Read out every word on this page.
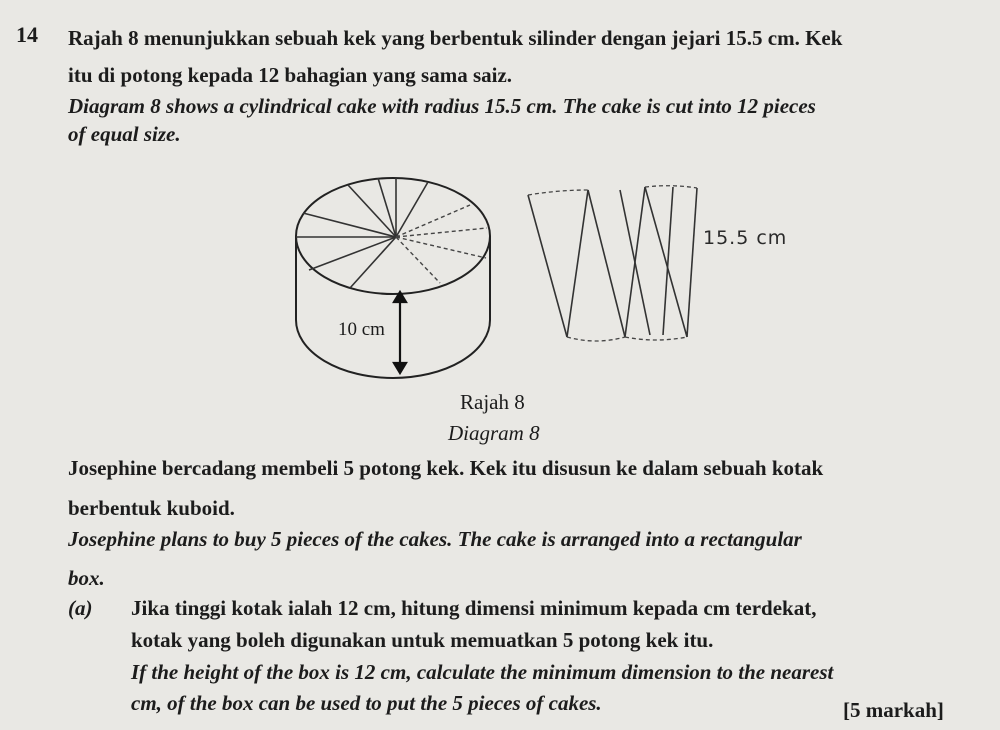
14 Rajah 8 menunjukkan sebuah kek yang berbentuk silinder dengan jejari 15.5 cm. Kek
itu di potong kepada 12 bahagian yang sama saiz.
Diagram 8 shows a cylindrical cake with radius 15.5 cm. The cake is cut into 12 pieces
of equal size.
10 cm
15.5 cm
Rajah 8
Diagram 8
Josephine bercadang membeli 5 potong kek. Kek itu disusun ke dalam sebuah kotak
berbentuk kuboid.
Josephine plans to buy 5 pieces of the cakes. The cake is arranged into a rectangular
box.
(a) Jika tinggi kotak ialah 12 cm, hitung dimensi minimum kepada cm terdekat,
kotak yang boleh digunakan untuk memuatkan 5 potong kek itu.
If the height of the box is 12 cm, calculate the minimum dimension to the nearest
cm, of the box can be used to put the 5 pieces of cakes.	[5 markah]
